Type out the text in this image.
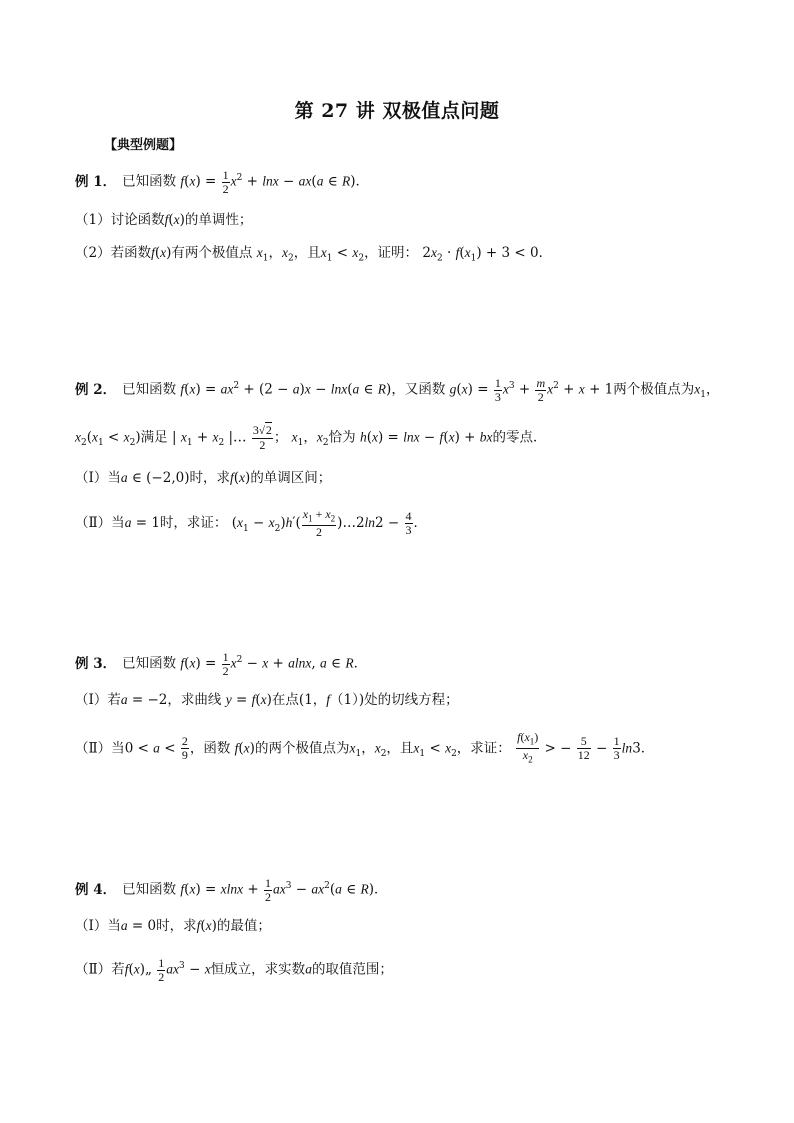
第 27 讲 双极值点问题
【典型例题】
例 1． 已知函数 $f(x) = \frac{1}{2} x^2 + \ln x - ax(a$ ∈ R)．
（1）讨论函数f(x)的单调性；
（2）若函数f(x)有两个极值点 $x_1$，$x_2$，且$x_1 < x_2$，证明： $2x_2 \cdot f(x_1) + 3 < 0$．
例 2． 已知函数 $f(x) = ax^2 + (2 - a)x - \ln x(a$ ∈ R)，又函数 $g(x) = \frac{1}{3} x^3 + \frac{m}{2} x^2 + x + 1$两个极值点为$x_1$，
$x_2(x_1 < x_2)$满足 | $x_1 + x_2$ |… $\frac{3√2}{2}$ ； $x_1$，$x_2$恰为 h(x) = lnx − f(x) + bx的零点．
（Ⅰ）当a ∈ (−2,0)时，求f(x)的单调区间；
（Ⅱ）当a = 1时，求证： $(x_1 - x_2)h'( \frac{x_1 + x_2}{2}$ )…2ln2 − $\frac{4}{3}$ ．
例 3． 已知函数 $f(x) = \frac{1}{2} x^2 - x + alnx$, a ∈ R．
（Ⅰ）若a = −2，求曲线 y = f(x)在点(1，f（1）)处的切线方程；
（Ⅱ）当$0 < a < \frac{2}{9}$ ，函数 f(x)的两个极值点为$x_1$，$x_2$，且$x_1 < x_2$，求证： $\frac{f(x_1)}{x_2}$ > − $\frac{5}{12} - \frac{1}{3} \ln 3$．
例 4． 已知函数 $f(x) = xlnx + \frac{1}{2} ax^3 - ax^2(a$ ∈ R)．
（Ⅰ）当a = 0时，求f(x)的最值；
（Ⅱ）若f(x)„ $\frac{1}{2} ax^3 - x$恒成立，求实数a的取值范围；
